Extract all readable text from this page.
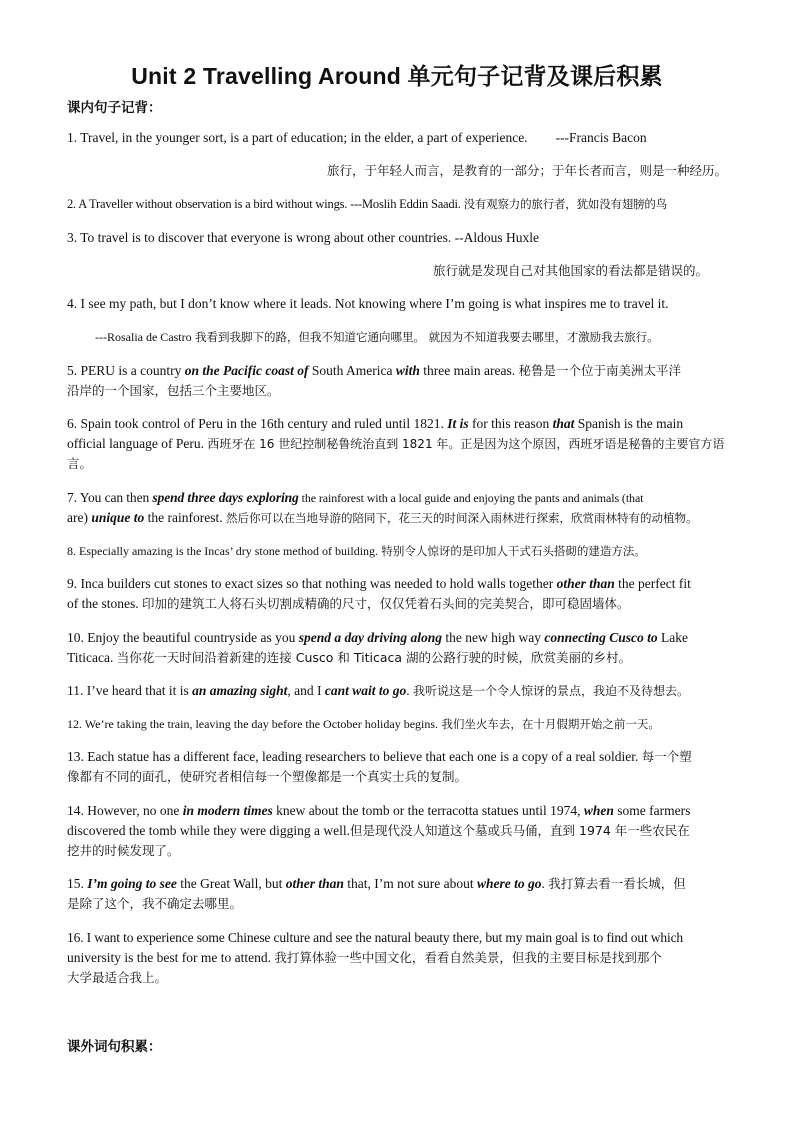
Unit 2 Travelling Around 单元句子记背及课后积累
课内句子记背：
1. Travel, in the younger sort, is a part of education; in the elder, a part of experience. ---Francis Bacon
旅行，于年轻人而言，是教育的一部分；于年长者而言，则是一种经历。
2. A Traveller without observation is a bird without wings. ---Moslih Eddin Saadi. 没有观察力的旅行者，犹如没有翅膀的鸟
3. To travel is to discover that everyone is wrong about other countries. --Aldous Huxle
旅行就是发现自己对其他国家的看法都是错误的。
4. I see my path, but I don’t know where it leads. Not knowing where I’m going is what inspires me to travel it.
---Rosalia de Castro 我看到我脚下的路，但我不知道它通向哪里。 就因为不知道我要去哪里，才激励我去旅行。
5. PERU is a country on the Pacific coast of South America with three main areas. 秘鲁是一个位于南美洲太平洋
沿岸的一个国家，包括三个主要地区。
6. Spain took control of Peru in the 16th century and ruled until 1821. It is for this reason that Spanish is the main
official language of Peru. 西班牙在 16 世纪控制秘鲁统治直到 1821 年。正是因为这个原因，西班牙语是秘鲁的主要官方语
言。
7. You can then spend three days exploring the rainforest with a local guide and enjoying the pants and animals (that
are) unique to the rainforest. 然后你可以在当地导游的陪同下，花三天的时间深入雨林进行探索，欣赏雨林特有的动植物。
8. Especially amazing is the Incas’ dry stone method of building. 特别令人惊讶的是印加人干式石头搭砌的建造方法。
9. Inca builders cut stones to exact sizes so that nothing was needed to hold walls together other than the perfect fit
of the stones. 印加的建筑工人将石头切割成精确的尺寸，仅仅凭着石头间的完美契合，即可稳固墙体。
10. Enjoy the beautiful countryside as you spend a day driving along the new high way connecting Cusco to Lake
Titicaca. 当你花一天时间沿着新建的连接 Cusco 和 Titicaca 湖的公路行驶的时候，欣赏美丽的乡村。
11. I’ve heard that it is an amazing sight, and I cant wait to go. 我听说这是一个令人惊讶的景点，我迫不及待想去。
12. We’re taking the train, leaving the day before the October holiday begins. 我们坐火车去，在十月假期开始之前一天。
13. Each statue has a different face, leading researchers to believe that each one is a copy of a real soldier. 每一个塑
像都有不同的面孔，使研究者相信每一个塑像都是一个真实士兵的复制。
14. However, no one in modern times knew about the tomb or the terracotta statues until 1974, when some farmers
discovered the tomb while they were digging a well.但是现代没人知道这个墓或兵马俑，直到 1974 年一些农民在
挖井的时候发现了。
15. I’m going to see the Great Wall, but other than that, I’m not sure about where to go. 我打算去看一看长城，但
是除了这个，我不确定去哪里。
16. I want to experience some Chinese culture and see the natural beauty there, but my main goal is to find out which
university is the best for me to attend. 我打算体验一些中国文化，看看自然美景，但我的主要目标是找到那个
大学最适合我上。
课外词句积累：
